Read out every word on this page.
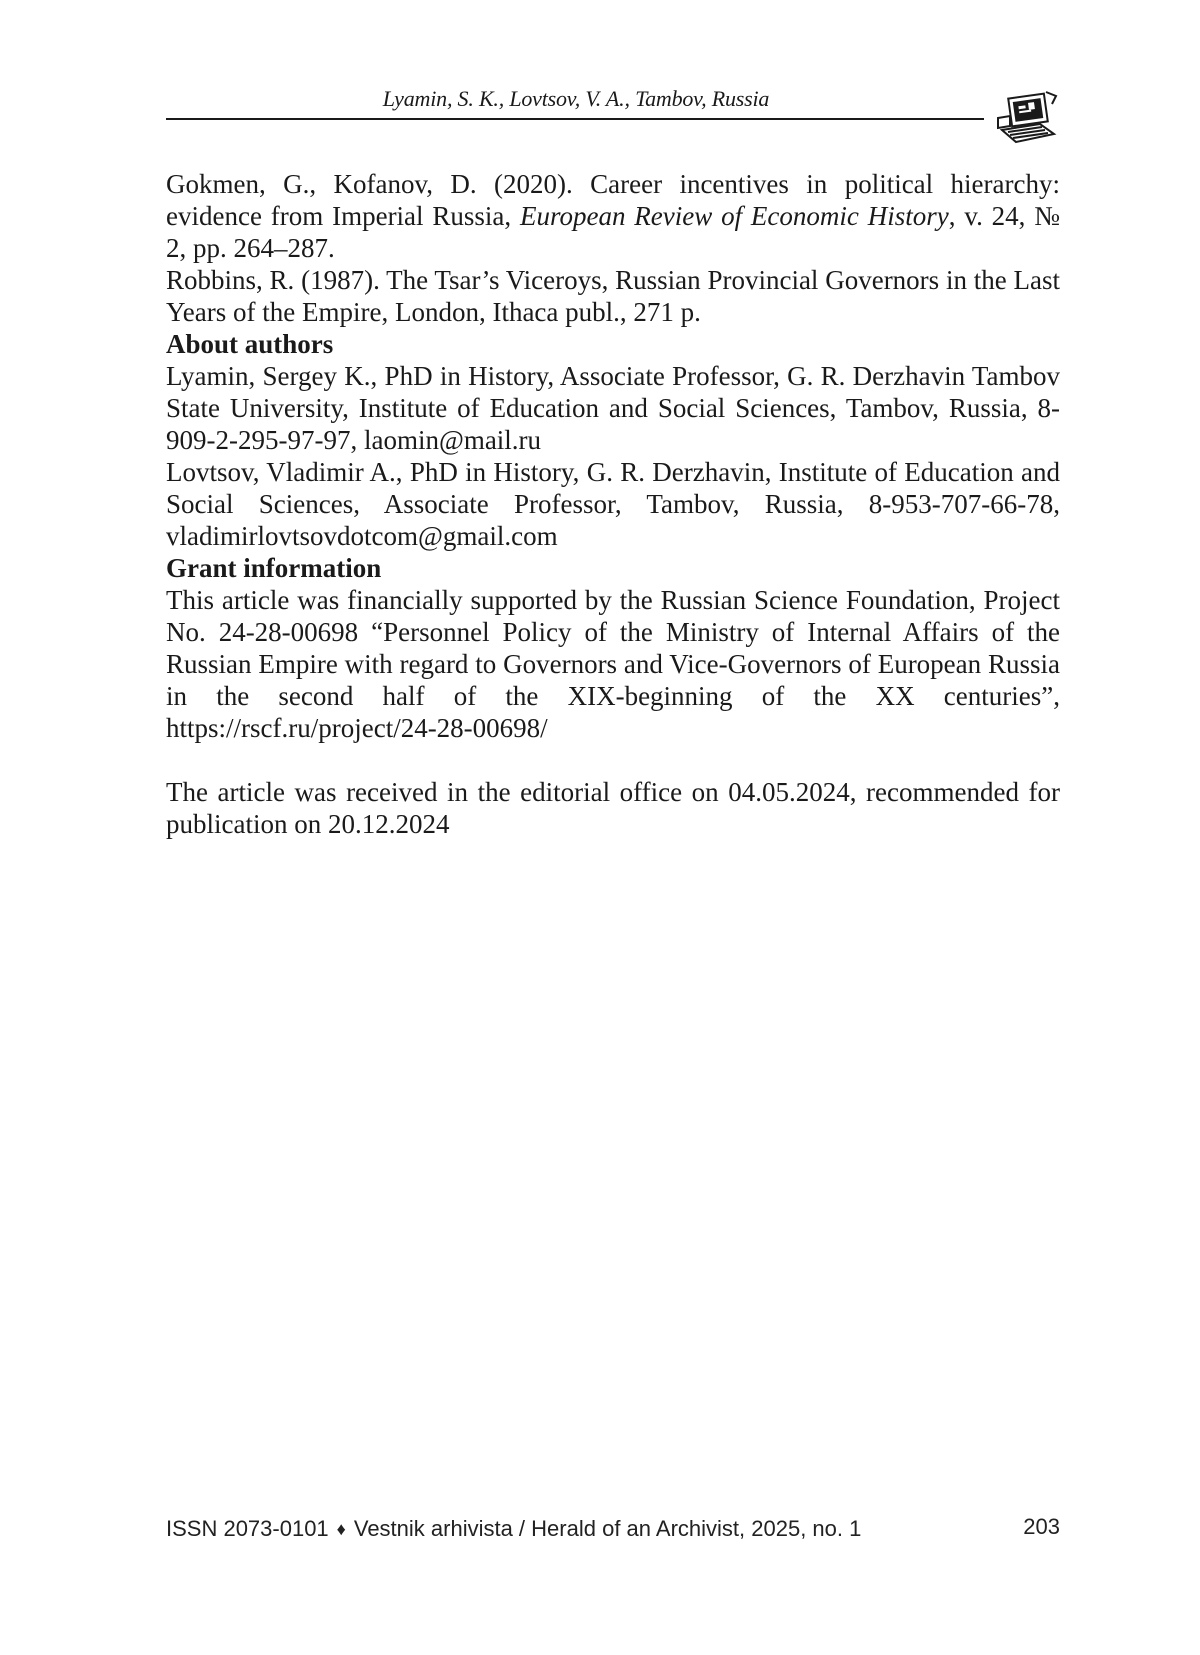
Lyamin, S. K., Lovtsov, V. A., Tambov, Russia

Gokmen, G., Kofanov, D. (2020). Career incentives in political hierarchy: evidence from Imperial Russia, European Review of Economic History, v. 24, № 2, pp. 264–287.

Robbins, R. (1987). The Tsar’s Viceroys, Russian Provincial Governors in the Last Years of the Empire, London, Ithaca publ., 271 p.

About authors

Lyamin, Sergey K., PhD in History, Associate Professor, G. R. Derzhavin Tambov State University, Institute of Education and Social Sciences, Tambov, Russia, 8-909-2-295-97-97, laomin@mail.ru

Lovtsov, Vladimir A., PhD in History, G. R. Derzhavin, Institute of Education and Social Sciences, Associate Professor, Tambov, Russia, 8-953-707-66-78, vladimirlovtsovdotcom@gmail.com

Grant information

This article was financially supported by the Russian Science Foundation, Project No. 24-28-00698 “Personnel Policy of the Ministry of Internal Affairs of the Russian Empire with regard to Governors and Vice-Governors of European Russia in the second half of the XIX-beginning of the XX centuries”, https://rscf.ru/project/24-28-00698/

The article was received in the editorial office on 04.05.2024, recommended for publication on 20.12.2024

ISSN 2073-0101 ♦ Vestnik arhivista / Herald of an Archivist, 2025, no. 1	203
